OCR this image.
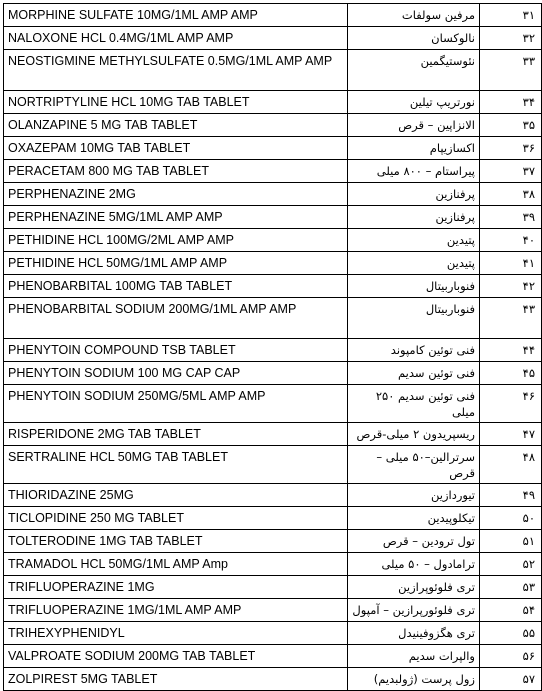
MORPHINE SULFATE 10MG/1ML AMP AMP	مرفین سولفات	۳۱
NALOXONE HCL 0.4MG/1ML AMP AMP	نالوکسان	۳۲
NEOSTIGMINE METHYLSULFATE 0.5MG/1ML AMP AMP	نئوستیگمین	۳۳
NORTRIPTYLINE HCL 10MG TAB TABLET	نورتریپ تیلین	۳۴
OLANZAPINE 5 MG TAB TABLET	الانزاپین – قرص	۳۵
OXAZEPAM 10MG TAB TABLET	اکسازیپام	۳۶
PERACETAM 800 MG TAB TABLET	پیراستام – ۸۰۰ میلی	۳۷
PERPHENAZINE 2MG	پرفنازین	۳۸
PERPHENAZINE 5MG/1ML AMP AMP	پرفنازین	۳۹
PETHIDINE HCL 100MG/2ML AMP AMP	پتیدین	۴۰
PETHIDINE HCL 50MG/1ML AMP AMP	پتیدین	۴۱
PHENOBARBITAL 100MG TAB TABLET	فنوباربیتال	۴۲
PHENOBARBITAL SODIUM 200MG/1ML AMP AMP	فنوباربیتال	۴۳
PHENYTOIN COMPOUND TSB TABLET	فنی توئین کامپوند	۴۴
PHENYTOIN SODIUM 100 MG CAP CAP	فنی توئین سدیم	۴۵
PHENYTOIN SODIUM 250MG/5ML AMP AMP	فنی توئین سدیم ۲۵۰ میلی	۴۶
RISPERIDONE 2MG TAB TABLET	ریسپریدون ۲ میلی-قرص	۴۷
SERTRALINE HCL 50MG TAB TABLET	سرترالین–۵۰ میلی –قرص	۴۸
THIORIDAZINE 25MG	تیوردازین	۴۹
TICLOPIDINE 250 MG TABLET	تیکلوپیدین	۵۰
TOLTERODINE 1MG TAB TABLET	تول ترودین – قرص	۵۱
TRAMADOL HCL 50MG/1ML AMP Amp	ترامادول – ۵۰ میلی	۵۲
TRIFLUOPERAZINE 1MG	تری فلوئوپرازین	۵۳
TRIFLUOPERAZINE 1MG/1ML AMP AMP	تری فلوئورپرازین – آمپول	۵۴
TRIHEXYPHENIDYL	تری هگزوفینیدل	۵۵
VALPROATE SODIUM 200MG TAB TABLET	والپرات سدیم	۵۶
ZOLPIREST 5MG TABLET	زول پرست (ژولبدیم)	۵۷
